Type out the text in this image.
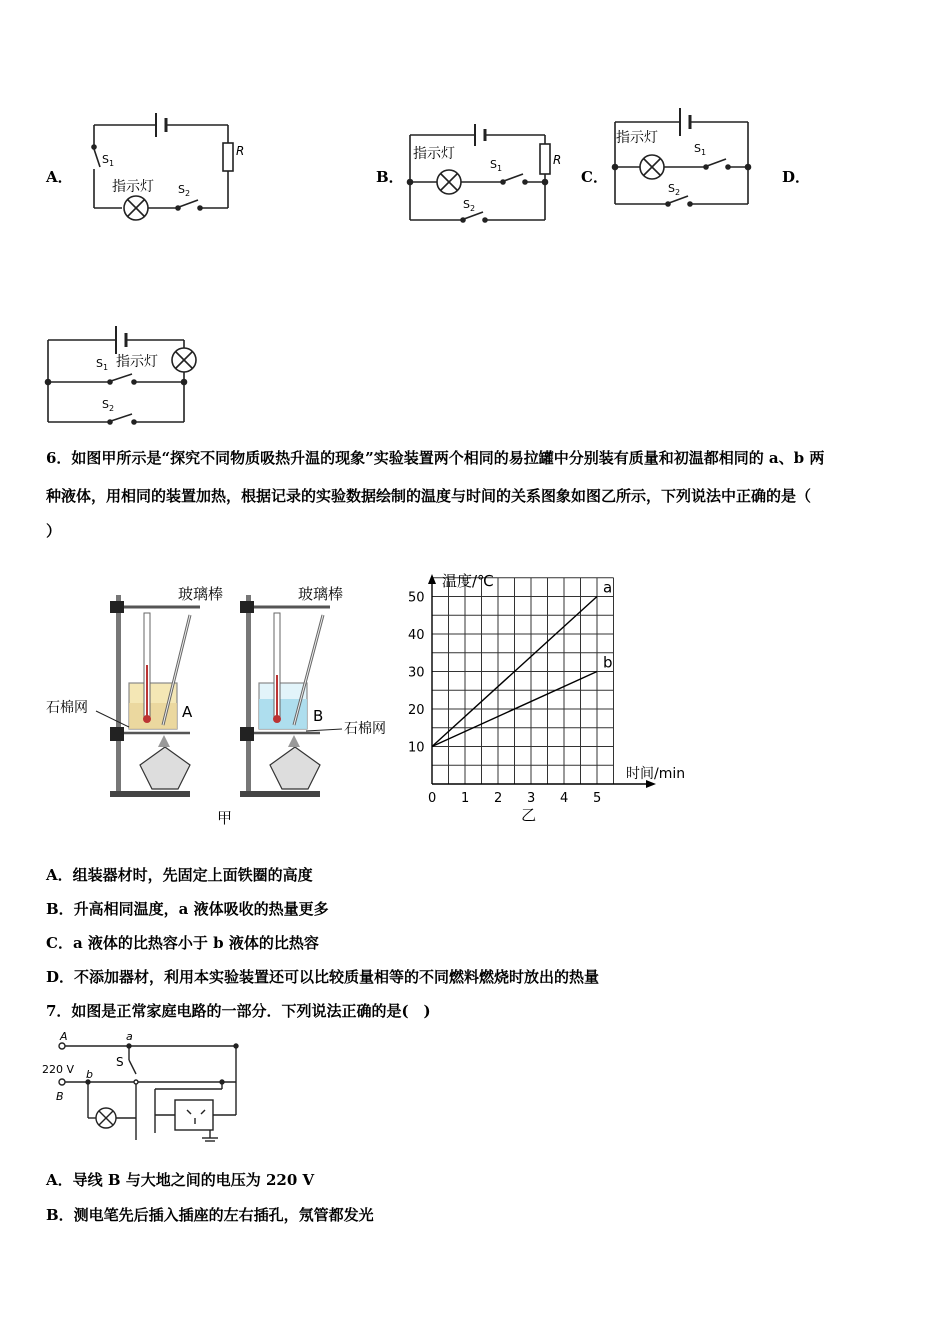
A．	B．	C．	D．
R
$S_1$
指示灯 $S_2$
R
指示灯
$S_1$
$S_2$
指示灯
$S_1$
$S_2$
$S_1$ 指示灯
$S_2$
6．如图甲所示是“探究不同物质吸热升温的现象”实验装置两个相同的易拉罐中分别装有质量和初温都相同的 a、b 两
种液体，用相同的装置加热，根据记录的实验数据绘制的温度与时间的关系图象如图乙所示，下列说法中正确的是（
）
玻璃棒	玻璃棒
石棉网
石棉网
A	B
甲
0 1 2 3 4 5
10
20
30
40
50
温度/℃
时间/min
乙
a
b
A．组装器材时，先固定上面铁圈的高度
B．升高相同温度，a 液体吸收的热量更多
C．a 液体的比热容小于 b 液体的比热容
D．不添加器材，利用本实验装置还可以比较质量相等的不同燃料燃烧时放出的热量
7．如图是正常家庭电路的一部分．下列说法正确的是(　)
A
220 V
B
a
b
S
A．导线 B 与大地之间的电压为 220 V
B．测电笔先后插入插座的左右插孔，氖管都发光
